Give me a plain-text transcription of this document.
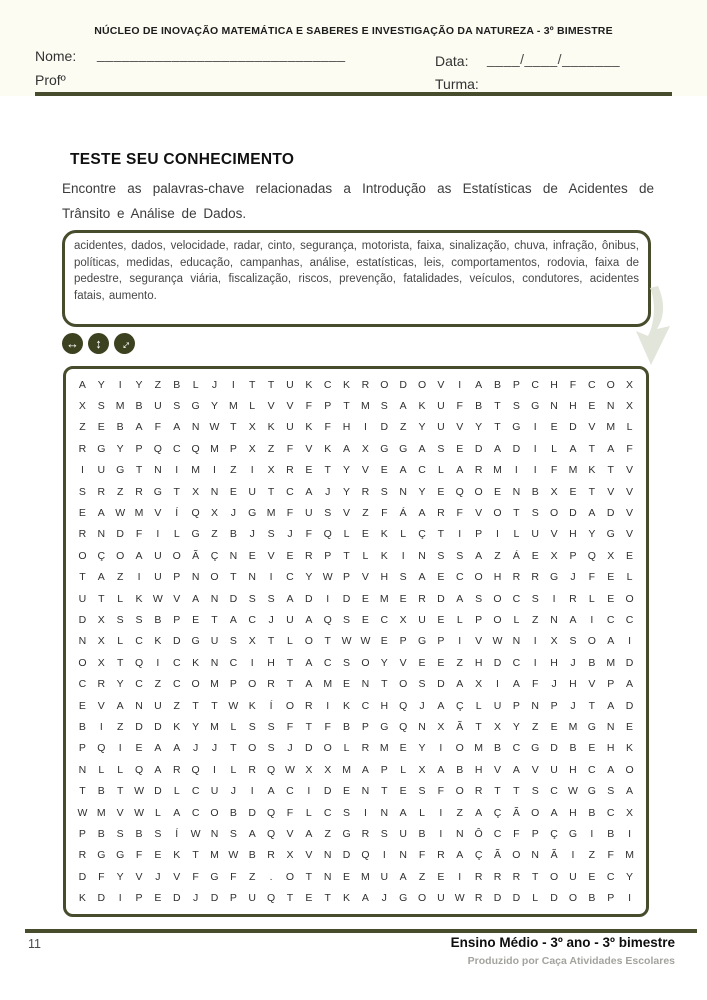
NÚCLEO DE INOVAÇÃO MATEMÁTICA E SABERES E INVESTIGAÇÃO DA NATUREZA - 3º BIMESTRE
Nome: ______________________________
Profº
Data: ____/____/_______
Turma:
TESTE SEU CONHECIMENTO
Encontre as palavras-chave relacionadas a Introdução as Estatísticas de Acidentes de Trânsito e Análise de Dados.
acidentes, dados, velocidade, radar, cinto, segurança, motorista, faixa, sinalização, chuva, infração, ônibus, políticas, medidas, educação, campanhas, análise, estatísticas, leis, comportamentos, rodovia, faixa de pedestre, segurança viária, fiscalização, riscos, prevenção, fatalidades, veículos, condutores, acidentes fatais, aumento.
↔ ↕ ↔
A	Y	I	Y	Z	B	L	J	I	T	T	U	K	C	K	R	O	D	O	V	I	A	B	P	C	H	F	C	O	X
X	S	M	B	U	S	G	Y	M	L	V	V	F	P	T	M	S	A	K	U	F	B	T	S	G	N	H	E	N	X
Z	E	B	A	F	A	N W	T	X	K	U	K	F	H	I	D	Z	Y	U	V	Y	T	G	I	E	D	V	M	L
R	G	Y	P	Q	C	Q M	P	X	Z	F	V	K	A	X	G	G	A	S	E	D	A	D	I	L	A	T	A	F
I	U	G	T	N	I	M	I	Z	I	X	R	E	T	Y	V	E	A	C	L	A	R	M	I	I	F	M	K	T	V
S	R	Z	R	G	T	X	N	E	U	T	C	A	J	Y	R	S	N	Y	E	Q	O	E	N	B	X	E	T	V	V
E	A W M	V	Í	Q	X	J	G M	F	U	S	V	Z	F	Á	A	R	F	V	O	T	S	O	D	A	D	V
R	N	D	F	I	L	G	Z	B	J	S	J	F	Q	L	E	K	L	Ç	T	I	P	I	L	U	V	H	Y	G	V
O	Ç	O	A	U	O	Ã	Ç	N	E	V	E	R	P	T	L	K	I	N	S	S	A	Z	Á	E	X	P	Q	X	E
T	A	Z	I	U	P	N	O	T	N	I	C	Y W P	V	H	S	A	E	C	O	H	R	R	G	J	F	E	L
U	T	L	K W V	A	N	D	S	S	A	D	I	D	E	M	E	R	D	A	S	O	C	S	I	R	L	E	O
D	X	S	S	B	P	E	T	A	C	J	U	A	Q	S	E	C	X	U	E	L	P	O	L	Z	N	A	I	C	C
N	X	L	C	K	D	G	U	S	X	T	L	O	T	W W E	P	G	P	I	V W N	I	X	S	O	A	I
O	X	T	Q	I	C	K	N	C	I	H	T	A	C	S	O	Y	V	E	E	Z	H	D	C	I	H	J	B	M	D
C	R	Y	C	Z	C	O M	P	O	R	T	A	M	E	N	T	O	S	D	A	X	I	A	F	J	H	V	P	A
E	V	A	N	U	Z	T	T	W K	Í	O	R	I	K	C	H	Q	J	A	Ç	L	U	P	N	P	J	T	A	D
B	I	Z	D	D	K	Y	M	L	S	S	F	T	F	B	P	G	Q	N	X	Ã	T	X	Y	Z	E	M G	N	E
P	Q	I	E	A	A	J	J	T	O	S	J	D	O	L	R	M	E	Y	I	O M	B	C	G	D	B	E	H	K
N	L	L	Q	A	R	Q	I	L	R	Q W X	X	M	A	P	L	X	A	B	H	V	A	V	U	H	C	A	O
T	B	T	W D	L	C	U	J	I	A	C	I	D	E	N	T	E	S	F	O	R	T	T	S	C W G	S	A
W M	V W	L	A	C	O	B	D	Q	F	L	C	S	I	N	A	L	I	Z	A	Ç	Ã	O	A	H	B	C	X
P	B	S	B	S	Í	W N	S	A	Q	V	A	Z	G	R	S	U	B	I	N	Ô	C	F	P	Ç	G	I	B	I
R	G	G	F	E	K	T	M W B	R	X	V	N	D	Q	I	N	F	R	A	Ç	Ã	O	N	Ã	I	Z	F	M
D	F	Y	V	J	V	F	G	F	Z	.	O	T	N	E	M	U	A	Z	E	I	R	R	R	T	O	U	E	C	Y
K	D	I	P	E	D	J	D	P	U	Q	T	E	T	K	A	J	G	O	U W R	D	D	L	D	O	B	P	I
11	Ensino Médio - 3º ano - 3º bimestre
Produzido por Caça Atividades Escolares
